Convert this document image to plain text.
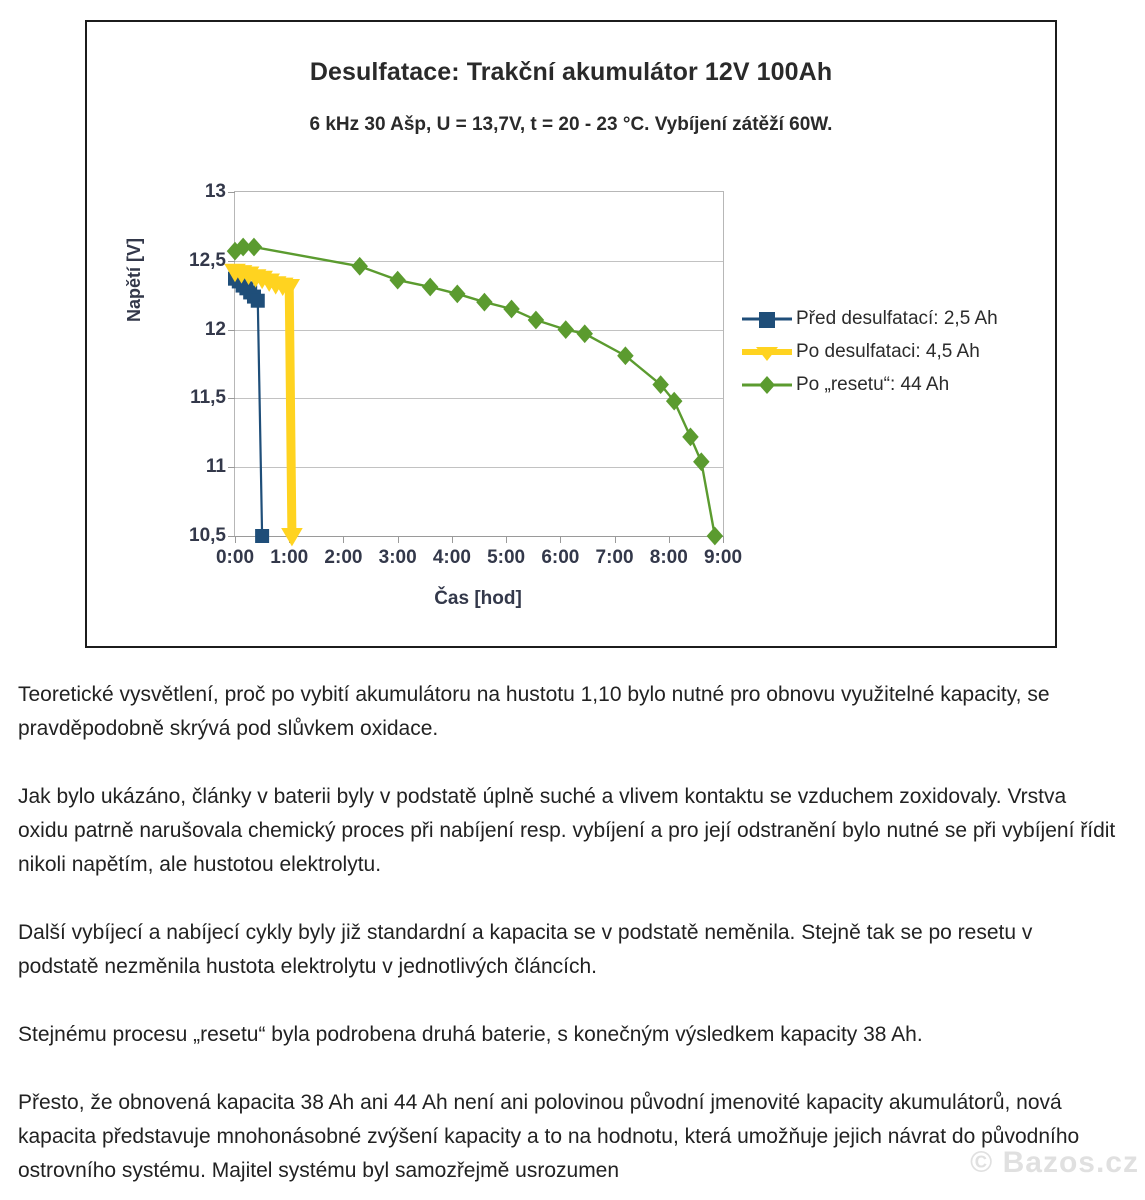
Desulfatace: Trakční akumulátor 12V 100Ah
6 kHz 30 Ašp, U = 13,7V, t = 20 - 23 °C. Vybíjení zátěží 60W.
Napětí [V]
10,5
11
11,5
12
12,5
13
0:00 1:00 2:00 3:00 4:00 5:00 6:00 7:00 8:00 9:00
Čas [hod]
Před desulfatací: 2,5 Ah
Po desulfataci: 4,5 Ah
Po „resetu“: 44 Ah

Teoretické vysvětlení, proč po vybití akumulátoru na hustotu 1,10 bylo nutné pro obnovu využitelné kapacity, se pravděpodobně skrývá pod slůvkem oxidace.

Jak bylo ukázáno, články v baterii byly v podstatě úplně suché a vlivem kontaktu se vzduchem zoxidovaly. Vrstva oxidu patrně narušovala chemický proces při nabíjení resp. vybíjení a pro její odstranění bylo nutné se při vybíjení řídit nikoli napětím, ale hustotou elektrolytu.

Další vybíjecí a nabíjecí cykly byly již standardní a kapacita se v podstatě neměnila. Stejně tak se po resetu v podstatě nezměnila hustota elektrolytu v jednotlivých článcích.

Stejnému procesu „resetu“ byla podrobena druhá baterie, s konečným výsledkem kapacity 38 Ah.

Přesto, že obnovená kapacita 38 Ah ani 44 Ah není ani polovinou původní jmenovité kapacity akumulátorů, nová kapacita představuje mnohonásobné zvýšení kapacity a to na hodnotu, která umožňuje jejich návrat do původního ostrovního systému. Majitel systému byl samozřejmě usrozumen	© Bazos.cz
